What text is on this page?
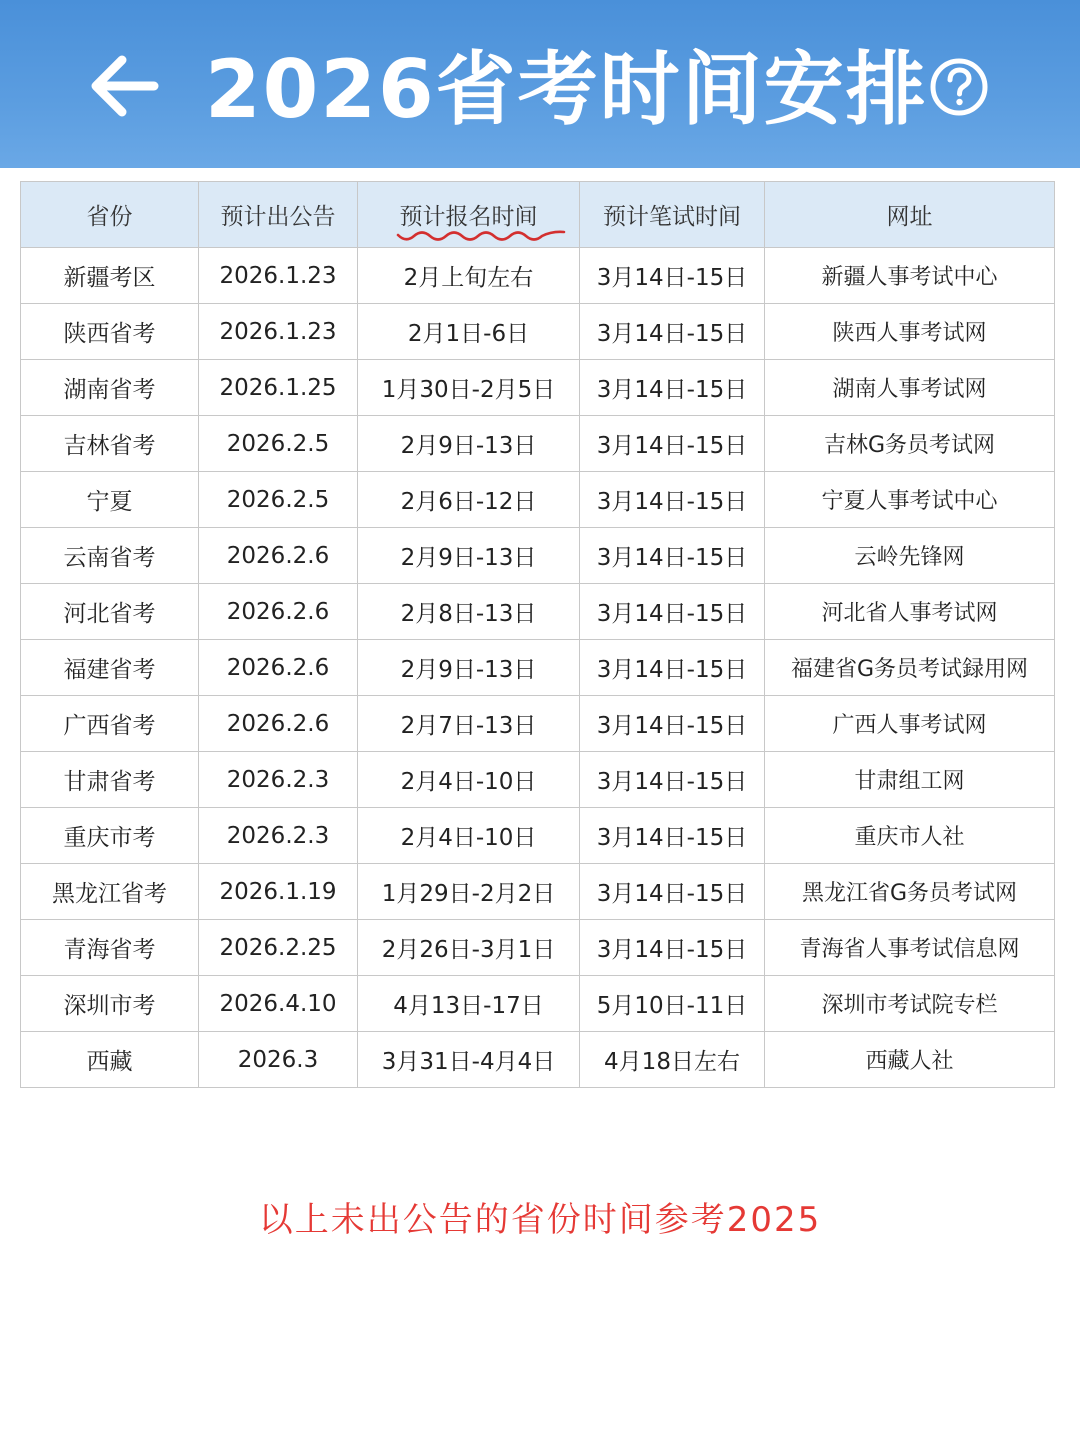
2026省考时间安排
省份	预计出公告	预计报名时间	预计笔试时间	网址
新疆考区	2026.1.23	2月上旬左右	3月14日-15日	新疆人事考试中心
陕西省考	2026.1.23	2月1日-6日	3月14日-15日	陕西人事考试网
湖南省考	2026.1.25	1月30日-2月5日	3月14日-15日	湖南人事考试网
吉林省考	2026.2.5	2月9日-13日	3月14日-15日	吉林G务员考试网
宁夏	2026.2.5	2月6日-12日	3月14日-15日	宁夏人事考试中心
云南省考	2026.2.6	2月9日-13日	3月14日-15日	云岭先锋网
河北省考	2026.2.6	2月8日-13日	3月14日-15日	河北省人事考试网
福建省考	2026.2.6	2月9日-13日	3月14日-15日	福建省G务员考试録用网
广西省考	2026.2.6	2月7日-13日	3月14日-15日	广西人事考试网
甘肃省考	2026.2.3	2月4日-10日	3月14日-15日	甘肃组工网
重庆市考	2026.2.3	2月4日-10日	3月14日-15日	重庆市人社
黑龙江省考	2026.1.19	1月29日-2月2日	3月14日-15日	黑龙江省G务员考试网
青海省考	2026.2.25	2月26日-3月1日	3月14日-15日	青海省人事考试信息网
深圳市考	2026.4.10	4月13日-17日	5月10日-11日	深圳市考试院专栏
西藏	2026.3	3月31日-4月4日	4月18日左右	西藏人社
以上未出公告的省份时间参考2025
